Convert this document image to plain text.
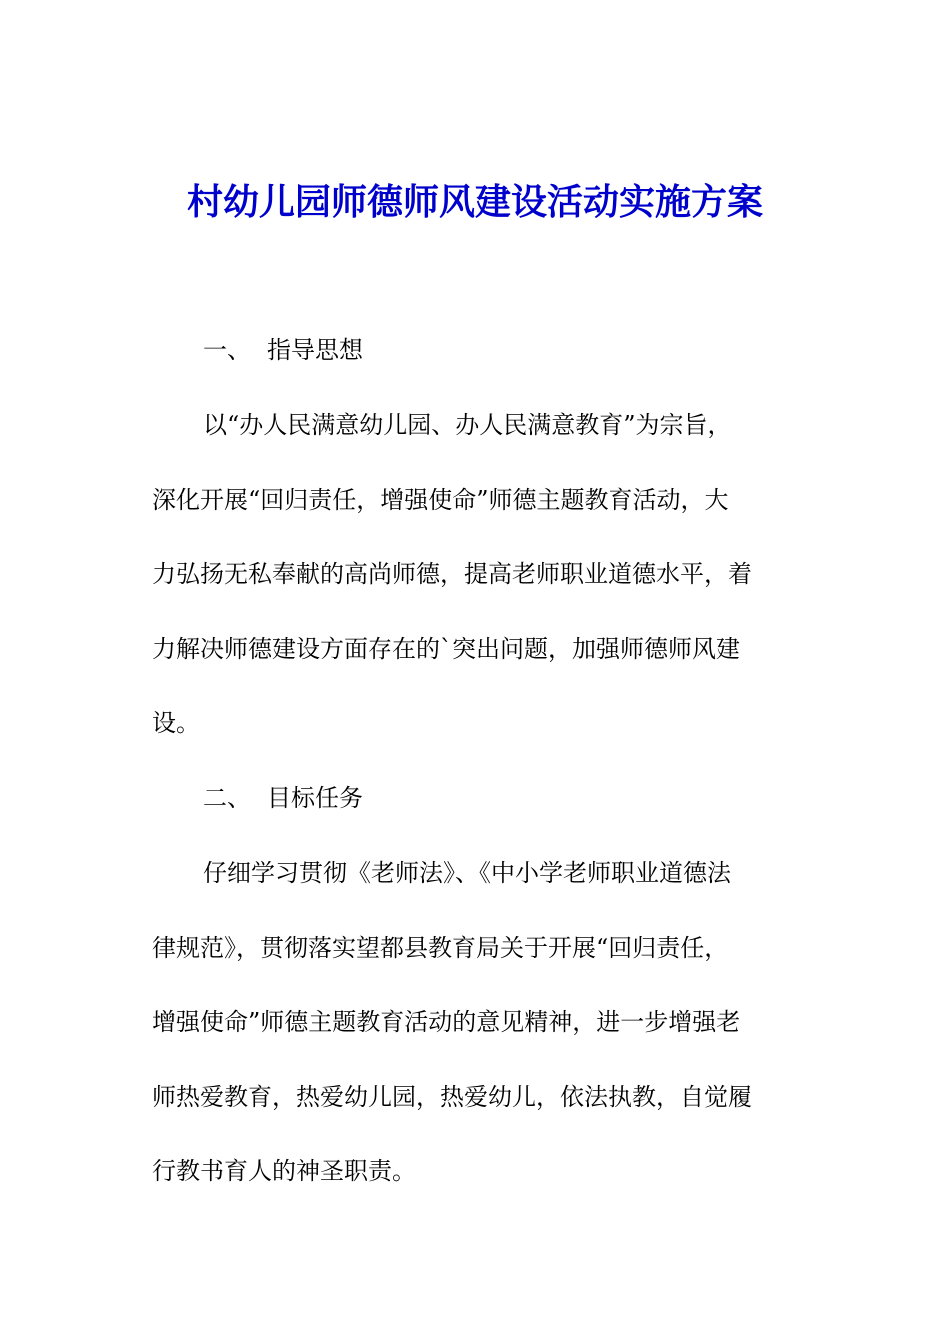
村幼儿园师德师风建设活动实施方案
一、 指导思想
以“办人民满意幼儿园、办人民满意教育”为宗旨，
深化开展“回归责任，增强使命”师德主题教育活动，大
力弘扬无私奉献的高尚师德，提高老师职业道德水平，着
力解决师德建设方面存在的`突出问题，加强师德师风建
设。
二、 目标任务
仔细学习贯彻《老师法》、《中小学老师职业道德法
律规范》，贯彻落实望都县教育局关于开展“回归责任，
增强使命”师德主题教育活动的意见精神，进一步增强老
师热爱教育，热爱幼儿园，热爱幼儿，依法执教，自觉履
行教书育人的神圣职责。
